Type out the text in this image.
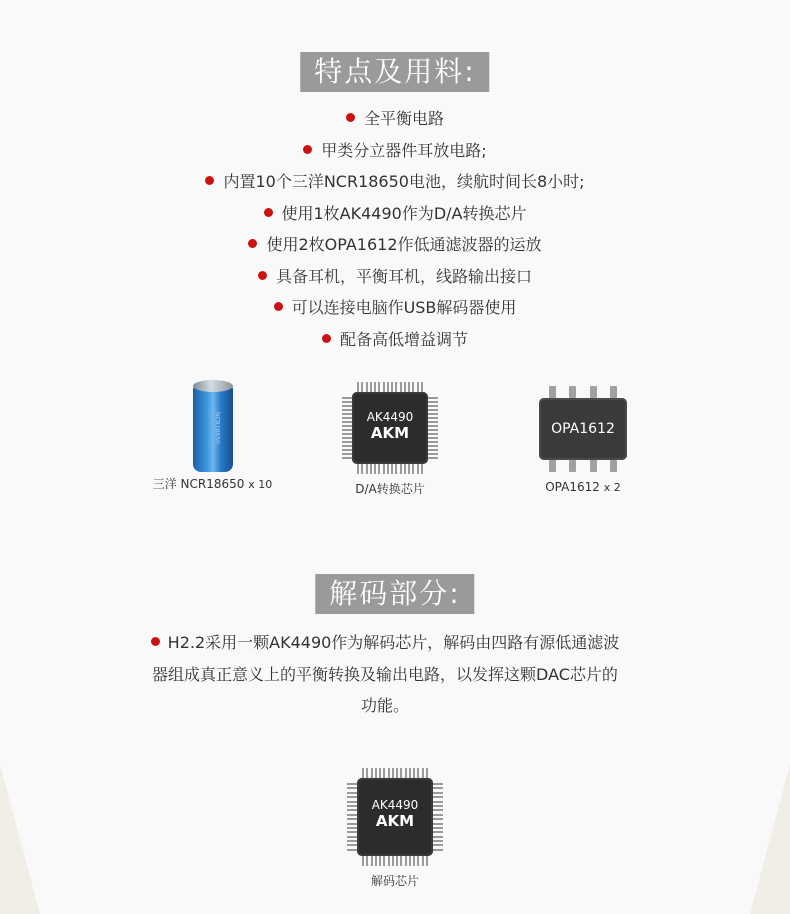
特点及用料:
全平衡电路
甲类分立器件耳放电路;
内置10个三洋NCR18650电池，续航时间长8小时;
使用1枚AK4490作为D/A转换芯片
使用2枚OPA1612作低通滤波器的运放
具备耳机，平衡耳机，线路输出接口
可以连接电脑作USB解码器使用
配备高低增益调节
NCR18650
三洋 NCR18650 x 10
AK4490
AKM
D/A转换芯片
OPA1612
OPA1612 x 2
解码部分:

H2.2采用一颗AK4490作为解码芯片，解码由四路有源低通滤波器组成真正意义上的平衡转换及输出电路，以发挥这颗DAC芯片的功能。

AK4490
AKM
解码芯片
